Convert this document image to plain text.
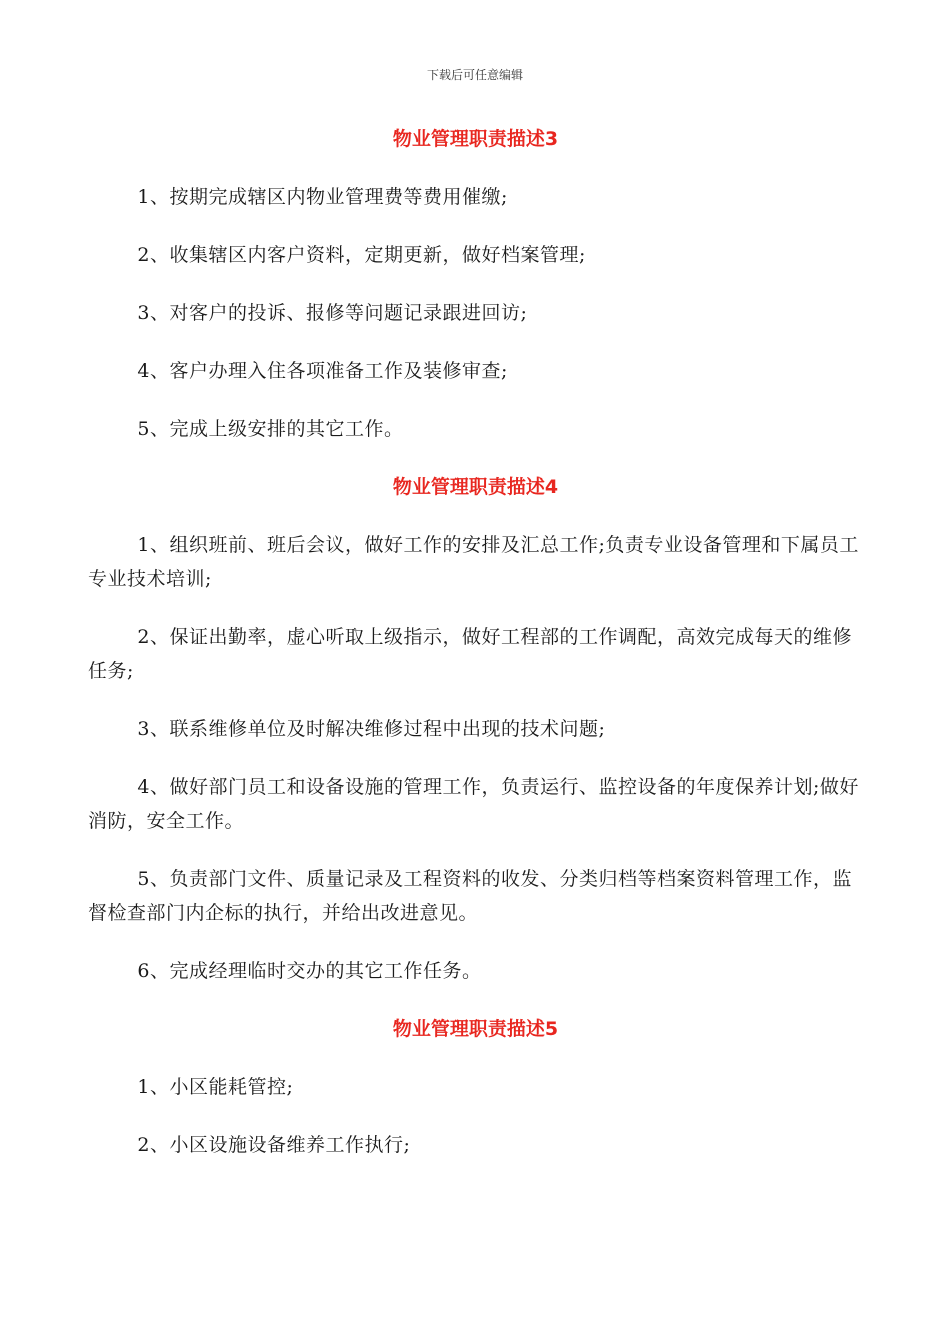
下载后可任意编辑
物业管理职责描述3

1、按期完成辖区内物业管理费等费用催缴;

2、收集辖区内客户资料，定期更新，做好档案管理;

3、对客户的投诉、报修等问题记录跟进回访;

4、客户办理入住各项准备工作及装修审查;

5、完成上级安排的其它工作。

物业管理职责描述4

1、组织班前、班后会议，做好工作的安排及汇总工作;负责专业设备管理和下属员工专业技术培训;

2、保证出勤率，虚心听取上级指示，做好工程部的工作调配，高效完成每天的维修任务;

3、联系维修单位及时解决维修过程中出现的技术问题;

4、做好部门员工和设备设施的管理工作，负责运行、监控设备的年度保养计划;做好消防，安全工作。

5、负责部门文件、质量记录及工程资料的收发、分类归档等档案资料管理工作，监督检查部门内企标的执行，并给出改进意见。

6、完成经理临时交办的其它工作任务。

物业管理职责描述5

1、小区能耗管控;

2、小区设施设备维养工作执行;
